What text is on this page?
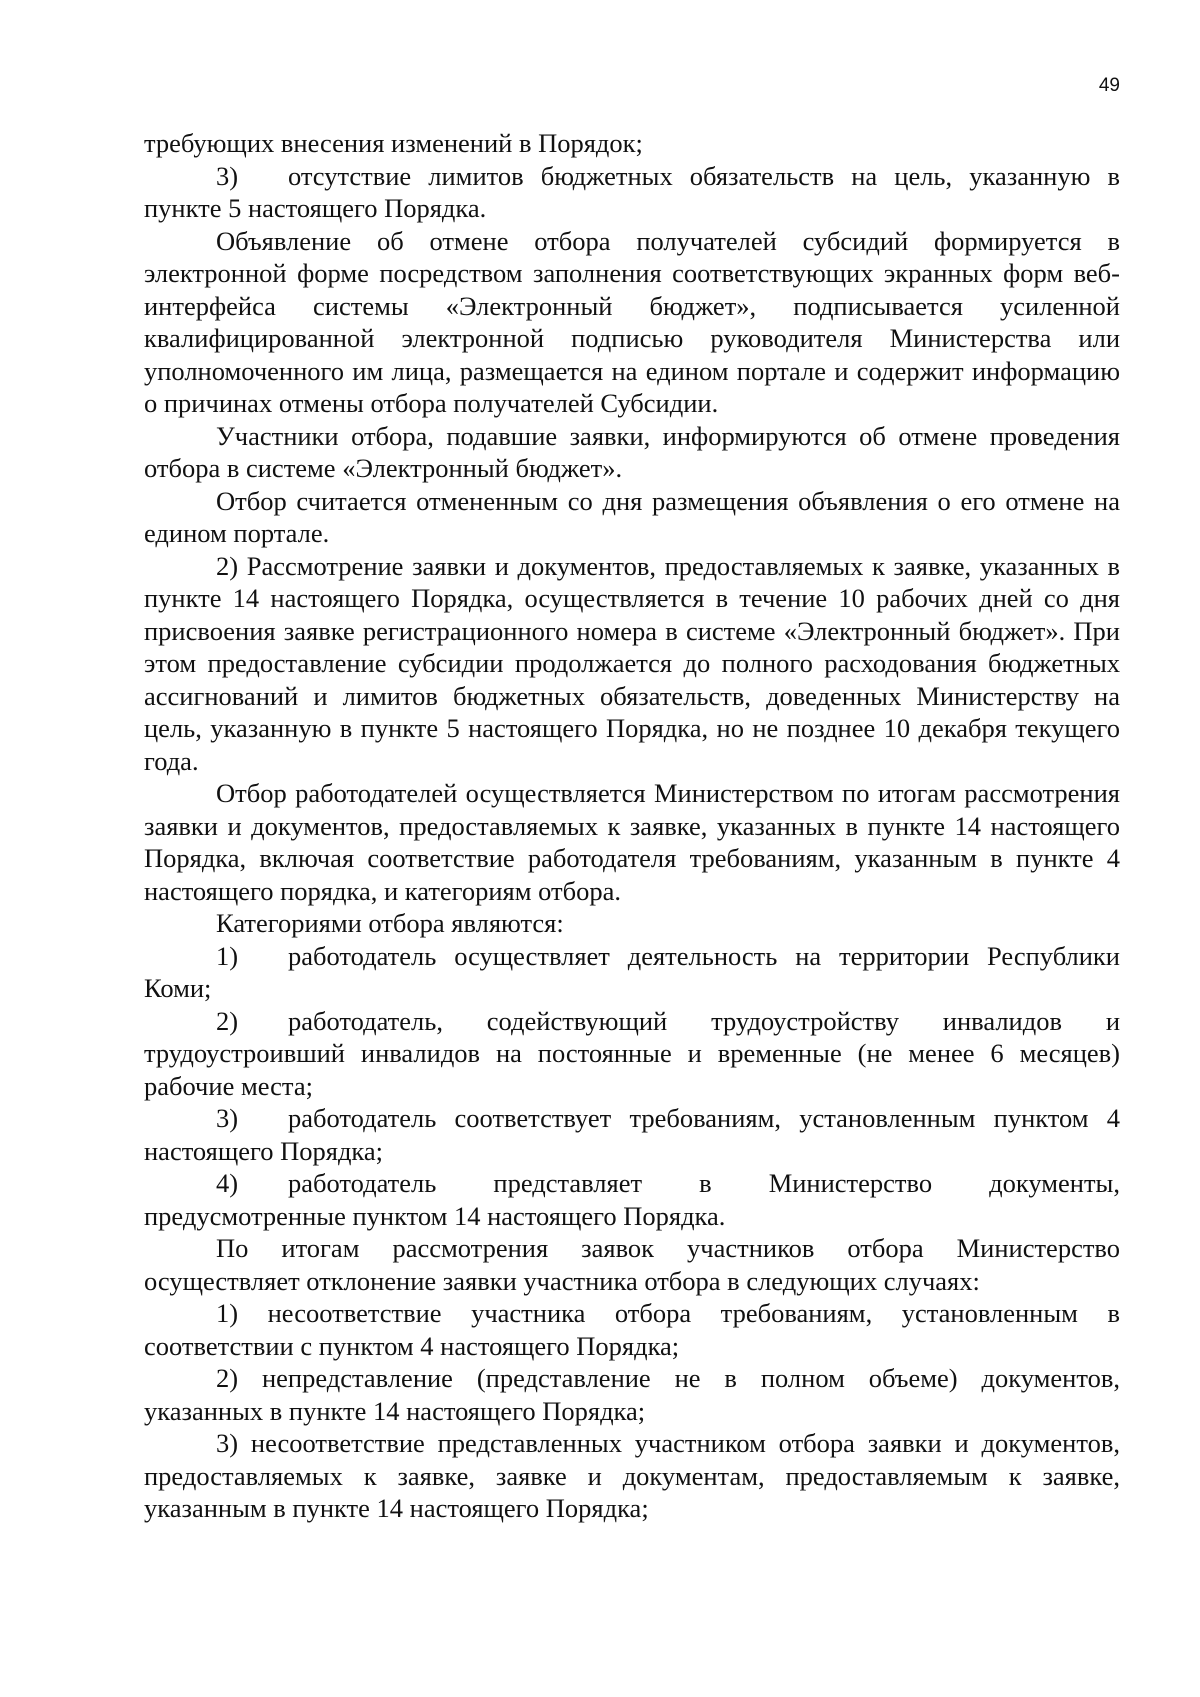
49

требующих внесения изменений в Порядок;

3) отсутствие лимитов бюджетных обязательств на цель, указанную в пункте 5 настоящего Порядка.

Объявление об отмене отбора получателей субсидий формируется в электронной форме посредством заполнения соответствующих экранных форм веб-интерфейса системы «Электронный бюджет», подписывается усиленной квалифицированной электронной подписью руководителя Министерства или уполномоченного им лица, размещается на едином портале и содержит информацию о причинах отмены отбора получателей Субсидии.

Участники отбора, подавшие заявки, информируются об отмене проведения отбора в системе «Электронный бюджет».

Отбор считается отмененным со дня размещения объявления о его отмене на едином портале.

2) Рассмотрение заявки и документов, предоставляемых к заявке, указанных в пункте 14 настоящего Порядка, осуществляется в течение 10 рабочих дней со дня присвоения заявке регистрационного номера в системе «Электронный бюджет». При этом предоставление субсидии продолжается до полного расходования бюджетных ассигнований и лимитов бюджетных обязательств, доведенных Министерству на цель, указанную в пункте 5 настоящего Порядка, но не позднее 10 декабря текущего года.

Отбор работодателей осуществляется Министерством по итогам рассмотрения заявки и документов, предоставляемых к заявке, указанных в пункте 14 настоящего Порядка, включая соответствие работодателя требованиям, указанным в пункте 4 настоящего порядка, и категориям отбора.

Категориями отбора являются:

1) работодатель осуществляет деятельность на территории Республики Коми;

2) работодатель, содействующий трудоустройству инвалидов и трудоустроивший инвалидов на постоянные и временные (не менее 6 месяцев) рабочие места;

3) работодатель соответствует требованиям, установленным пунктом 4 настоящего Порядка;

4) работодатель представляет в Министерство документы, предусмотренные пунктом 14 настоящего Порядка.

По итогам рассмотрения заявок участников отбора Министерство осуществляет отклонение заявки участника отбора в следующих случаях:

1) несоответствие участника отбора требованиям, установленным в соответствии с пунктом 4 настоящего Порядка;

2) непредставление (представление не в полном объеме) документов, указанных в пункте 14 настоящего Порядка;

3) несоответствие представленных участником отбора заявки и документов, предоставляемых к заявке, заявке и документам, предоставляемым к заявке, указанным в пункте 14 настоящего Порядка;
